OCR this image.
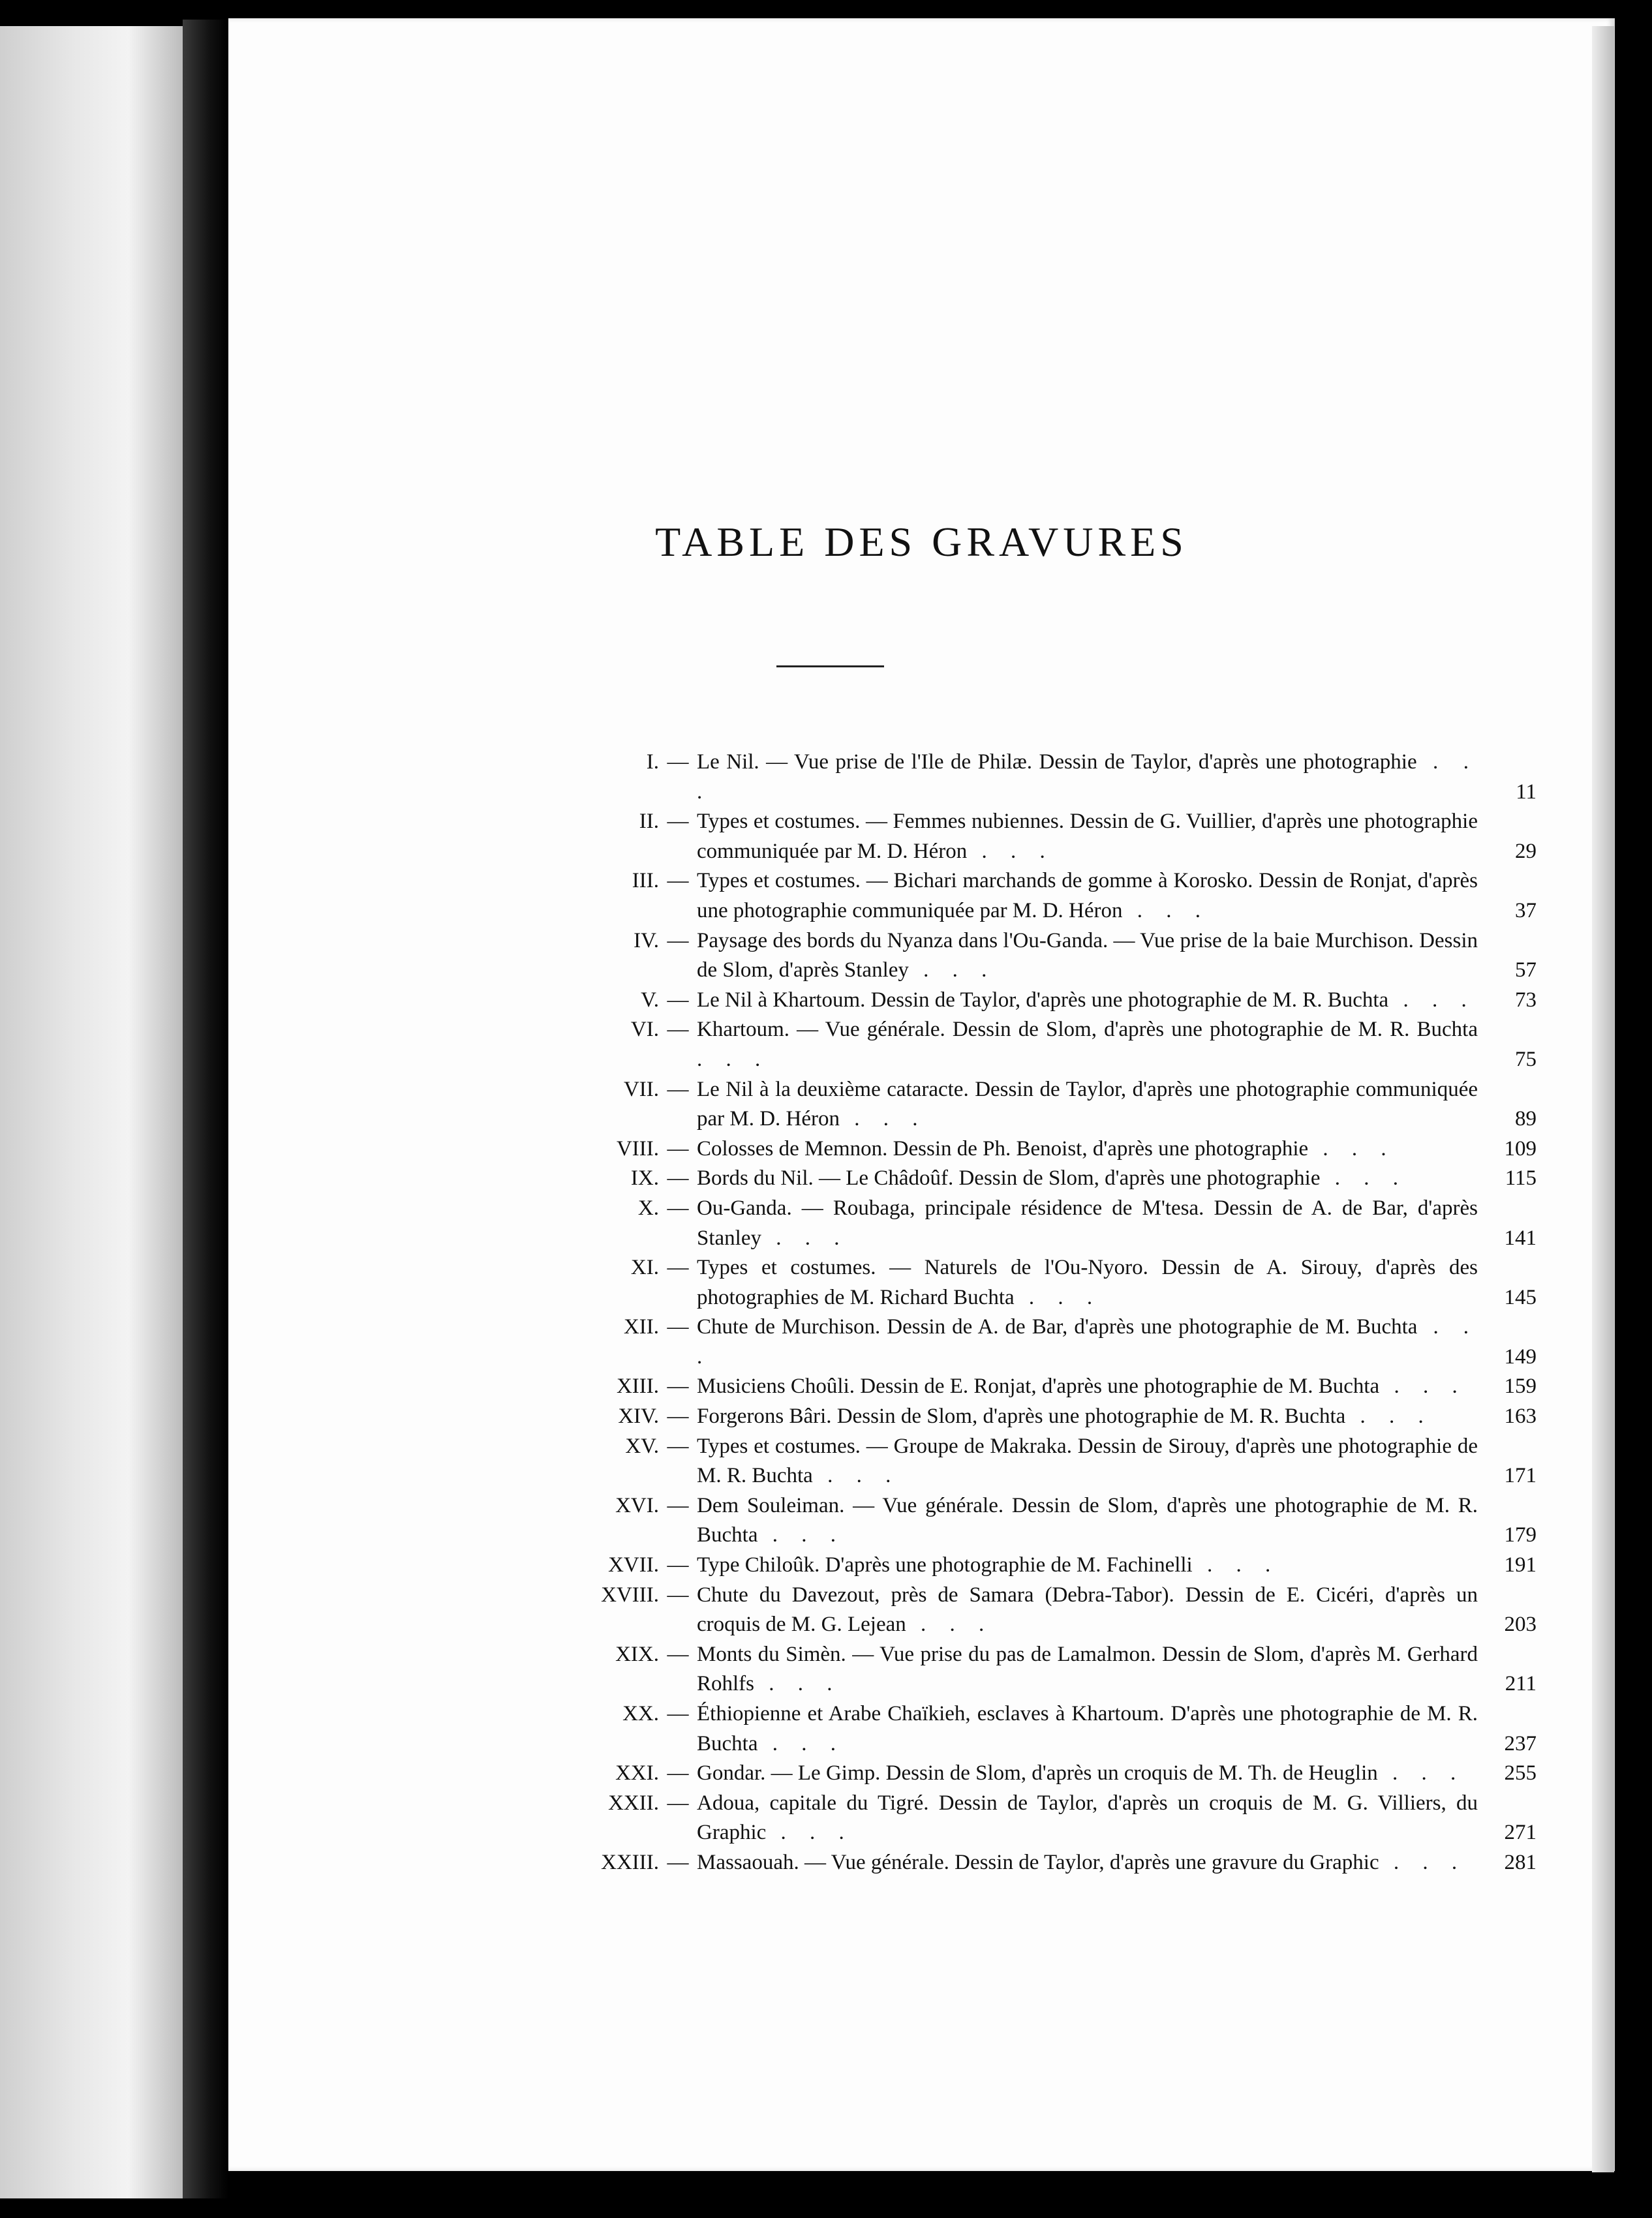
TABLE DES GRAVURES
I. — Le Nil. — Vue prise de l'Ile de Philæ. Dessin de Taylor, d'après une photographie . . .	11
II. — Types et costumes. — Femmes nubiennes. Dessin de G. Vuillier, d'après une photographie communiquée par M. D. Héron . . .	29
III. — Types et costumes. — Bichari marchands de gomme à Korosko. Dessin de Ronjat, d'après une photographie communiquée par M. D. Héron . . .	37
IV. — Paysage des bords du Nyanza dans l'Ou-Ganda. — Vue prise de la baie Murchison. Dessin de Slom, d'après Stanley . . .	57
V. — Le Nil à Khartoum. Dessin de Taylor, d'après une photographie de M. R. Buchta . . .	73
VI. — Khartoum. — Vue générale. Dessin de Slom, d'après une photographie de M. R. Buchta . . .	75
VII. — Le Nil à la deuxième cataracte. Dessin de Taylor, d'après une photographie communiquée par M. D. Héron . . .	89
VIII. — Colosses de Memnon. Dessin de Ph. Benoist, d'après une photographie . . .	109
IX. — Bords du Nil. — Le Châdoûf. Dessin de Slom, d'après une photographie . . .	115
X. — Ou-Ganda. — Roubaga, principale résidence de M'tesa. Dessin de A. de Bar, d'après Stanley . . .	141
XI. — Types et costumes. — Naturels de l'Ou-Nyoro. Dessin de A. Sirouy, d'après des photographies de M. Richard Buchta . . .	145
XII. — Chute de Murchison. Dessin de A. de Bar, d'après une photographie de M. Buchta . . .	149
XIII. — Musiciens Choûli. Dessin de E. Ronjat, d'après une photographie de M. Buchta . . .	159
XIV. — Forgerons Bâri. Dessin de Slom, d'après une photographie de M. R. Buchta . . .	163
XV. — Types et costumes. — Groupe de Makraka. Dessin de Sirouy, d'après une photographie de M. R. Buchta . . .	171
XVI. — Dem Souleiman. — Vue générale. Dessin de Slom, d'après une photographie de M. R. Buchta . . .	179
XVII. — Type Chiloûk. D'après une photographie de M. Fachinelli . . .	191
XVIII. — Chute du Davezout, près de Samara (Debra-Tabor). Dessin de E. Cicéri, d'après un croquis de M. G. Lejean . . .	203
XIX. — Monts du Simèn. — Vue prise du pas de Lamalmon. Dessin de Slom, d'après M. Gerhard Rohlfs . . .	211
XX. — Éthiopienne et Arabe Chaïkieh, esclaves à Khartoum. D'après une photographie de M. R. Buchta . . .	237
XXI. — Gondar. — Le Gimp. Dessin de Slom, d'après un croquis de M. Th. de Heuglin . . .	255
XXII. — Adoua, capitale du Tigré. Dessin de Taylor, d'après un croquis de M. G. Villiers, du Graphic . . .	271
XXIII. — Massaouah. — Vue générale. Dessin de Taylor, d'après une gravure du Graphic . . .	281
